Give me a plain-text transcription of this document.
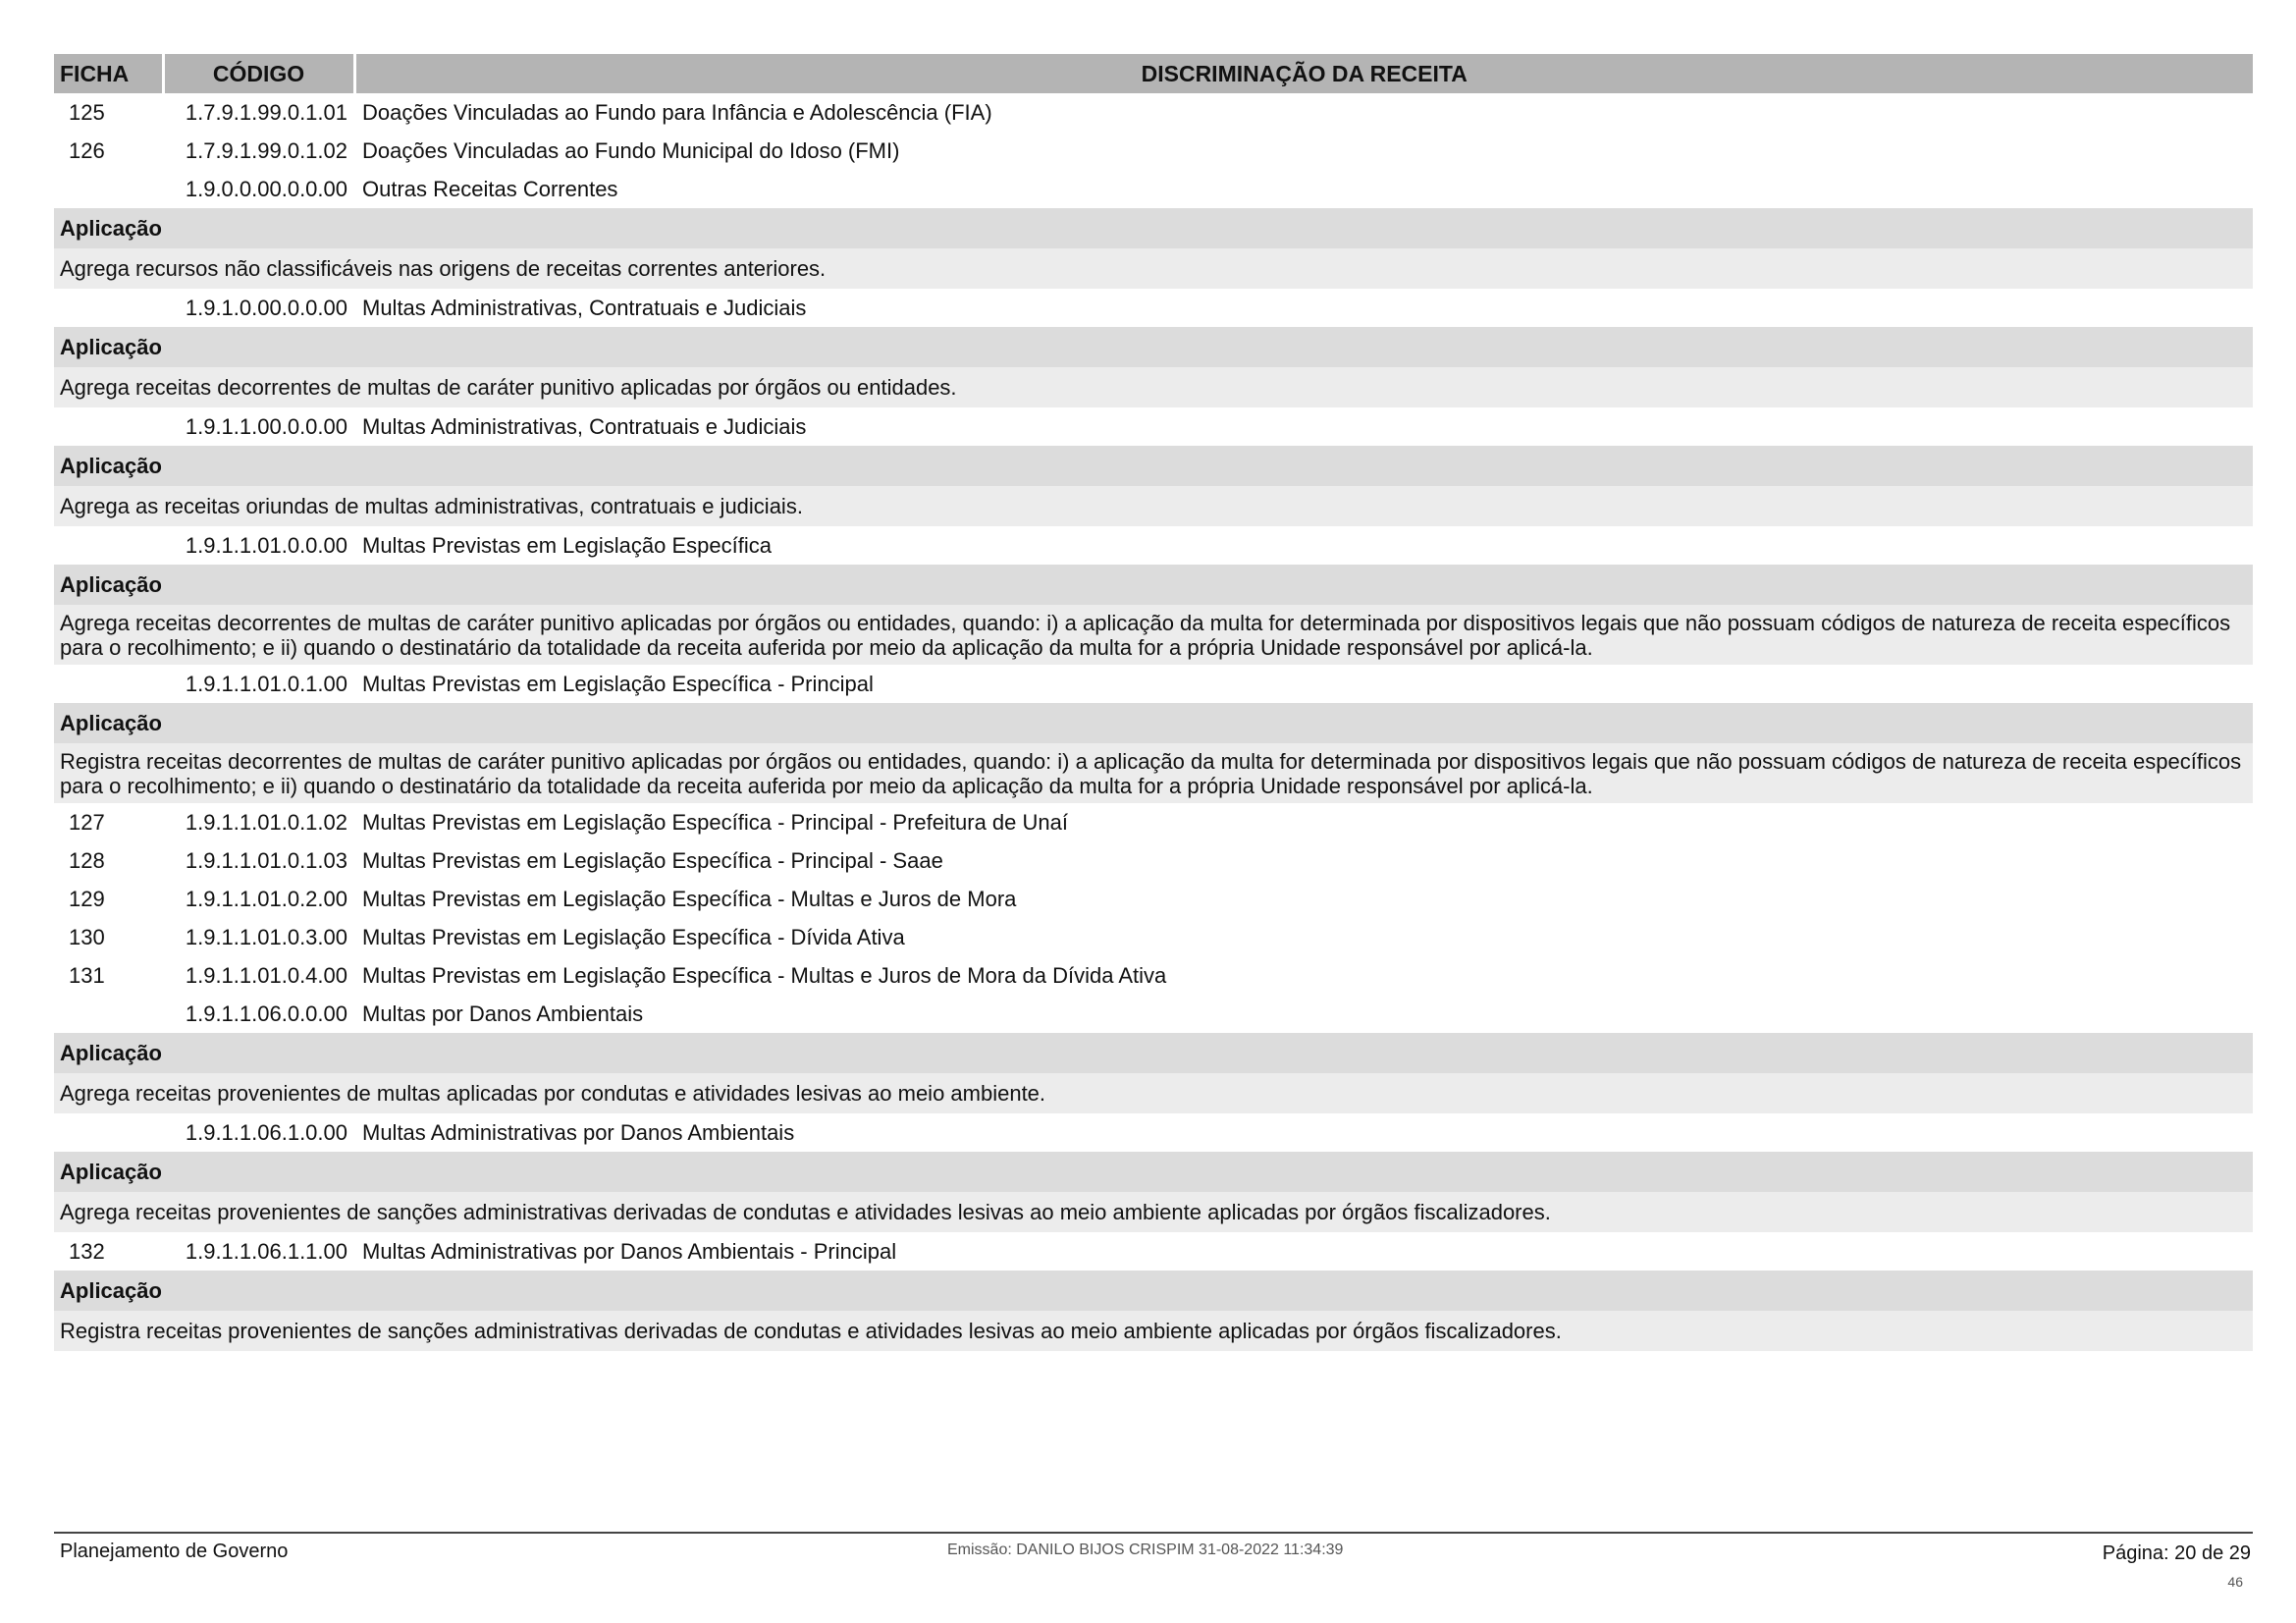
FICHA	CÓDIGO	DISCRIMINAÇÃO DA RECEITA
125	1.7.9.1.99.0.1.01	Doações Vinculadas ao Fundo para Infância e Adolescência (FIA)
126	1.7.9.1.99.0.1.02	Doações Vinculadas ao Fundo Municipal do Idoso (FMI)
	1.9.0.0.00.0.0.00	Outras Receitas Correntes
Aplicação		
Agrega recursos não classificáveis nas origens de receitas correntes anteriores.		
	1.9.1.0.00.0.0.00	Multas Administrativas, Contratuais e Judiciais
Aplicação		
Agrega receitas decorrentes de multas de caráter punitivo aplicadas por órgãos ou entidades.		
	1.9.1.1.00.0.0.00	Multas Administrativas, Contratuais e Judiciais
Aplicação		
Agrega as receitas oriundas de multas administrativas, contratuais e judiciais.		
	1.9.1.1.01.0.0.00	Multas Previstas em Legislação Específica
Aplicação		
Agrega receitas decorrentes de multas de caráter punitivo aplicadas por órgãos ou entidades, quando: i) a aplicação da multa for determinada por dispositivos legais que não possuam códigos de natureza de receita específicos para o recolhimento; e ii) quando o destinatário da totalidade da receita auferida por meio da aplicação da multa for a própria Unidade responsável por aplicá-la.		
	1.9.1.1.01.0.1.00	Multas Previstas em Legislação Específica - Principal
Aplicação		
Registra receitas decorrentes de multas de caráter punitivo aplicadas por órgãos ou entidades, quando: i) a aplicação da multa for determinada por dispositivos legais que não possuam códigos de natureza de receita específicos para o recolhimento; e ii) quando o destinatário da totalidade da receita auferida por meio da aplicação da multa for a própria Unidade responsável por aplicá-la.		
127	1.9.1.1.01.0.1.02	Multas Previstas em Legislação Específica - Principal - Prefeitura de Unaí
128	1.9.1.1.01.0.1.03	Multas Previstas em Legislação Específica - Principal - Saae
129	1.9.1.1.01.0.2.00	Multas Previstas em Legislação Específica - Multas e Juros de Mora
130	1.9.1.1.01.0.3.00	Multas Previstas em Legislação Específica - Dívida Ativa
131	1.9.1.1.01.0.4.00	Multas Previstas em Legislação Específica - Multas e Juros de Mora da Dívida Ativa
	1.9.1.1.06.0.0.00	Multas por Danos Ambientais
Aplicação		
Agrega receitas provenientes de multas aplicadas por condutas e atividades lesivas ao meio ambiente.		
	1.9.1.1.06.1.0.00	Multas Administrativas por Danos Ambientais
Aplicação		
Agrega receitas provenientes de sanções administrativas derivadas de condutas e atividades lesivas ao meio ambiente aplicadas por órgãos fiscalizadores.		
132	1.9.1.1.06.1.1.00	Multas Administrativas por Danos Ambientais - Principal
Aplicação		
Registra receitas provenientes de sanções administrativas derivadas de condutas e atividades lesivas ao meio ambiente aplicadas por órgãos fiscalizadores.		
Planejamento de Governo	Emissão: DANILO BIJOS CRISPIM 31-08-2022 11:34:39	Página: 20 de 29
46
